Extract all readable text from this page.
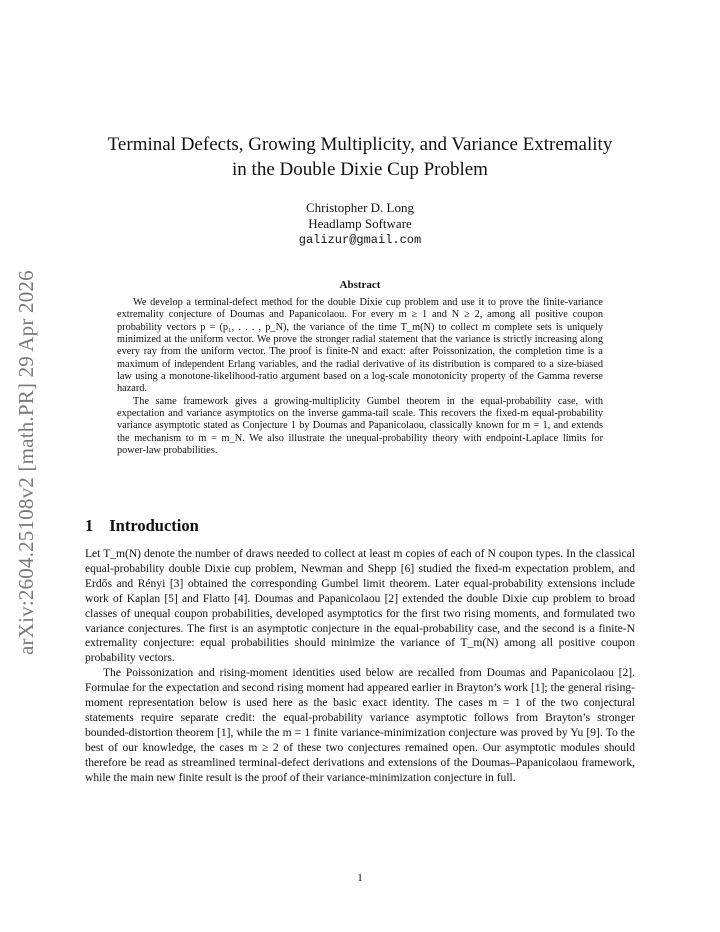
arXiv:2604.25108v2 [math.PR] 29 Apr 2026
Terminal Defects, Growing Multiplicity, and Variance Extremality
in the Double Dixie Cup Problem
Christopher D. Long
Headlamp Software
galizur@gmail.com
Abstract

We develop a terminal-defect method for the double Dixie cup problem and use it to prove the finite-variance extremality conjecture of Doumas and Papanicolaou. For every m ≥ 1 and N ≥ 2, among all positive coupon probability vectors p = (p₁, . . . , p_N), the variance of the time T_m(N) to collect m complete sets is uniquely minimized at the uniform vector. We prove the stronger radial statement that the variance is strictly increasing along every ray from the uniform vector. The proof is finite-N and exact: after Poissonization, the completion time is a maximum of independent Erlang variables, and the radial derivative of its distribution is compared to a size-biased law using a monotone-likelihood-ratio argument based on a log-scale monotonicity property of the Gamma reverse hazard.

The same framework gives a growing-multiplicity Gumbel theorem in the equal-probability case, with expectation and variance asymptotics on the inverse gamma-tail scale. This recovers the fixed-m equal-probability variance asymptotic stated as Conjecture 1 by Doumas and Papanicolaou, classically known for m = 1, and extends the mechanism to m = m_N. We also illustrate the unequal-probability theory with endpoint-Laplace limits for power-law probabilities.

1 Introduction

Let T_m(N) denote the number of draws needed to collect at least m copies of each of N coupon types. In the classical equal-probability double Dixie cup problem, Newman and Shepp [6] studied the fixed-m expectation problem, and Erdős and Rényi [3] obtained the corresponding Gumbel limit theorem. Later equal-probability extensions include work of Kaplan [5] and Flatto [4]. Doumas and Papanicolaou [2] extended the double Dixie cup problem to broad classes of unequal coupon probabilities, developed asymptotics for the first two rising moments, and formulated two variance conjectures. The first is an asymptotic conjecture in the equal-probability case, and the second is a finite-N extremality conjecture: equal probabilities should minimize the variance of T_m(N) among all positive coupon probability vectors.

The Poissonization and rising-moment identities used below are recalled from Doumas and Papanicolaou [2]. Formulae for the expectation and second rising moment had appeared earlier in Brayton’s work [1]; the general rising-moment representation below is used here as the basic exact identity. The cases m = 1 of the two conjectural statements require separate credit: the equal-probability variance asymptotic follows from Brayton’s stronger bounded-distortion theorem [1], while the m = 1 finite variance-minimization conjecture was proved by Yu [9]. To the best of our knowledge, the cases m ≥ 2 of these two conjectures remained open. Our asymptotic modules should therefore be read as streamlined terminal-defect derivations and extensions of the Doumas–Papanicolaou framework, while the main new finite result is the proof of their variance-minimization conjecture in full.

1
